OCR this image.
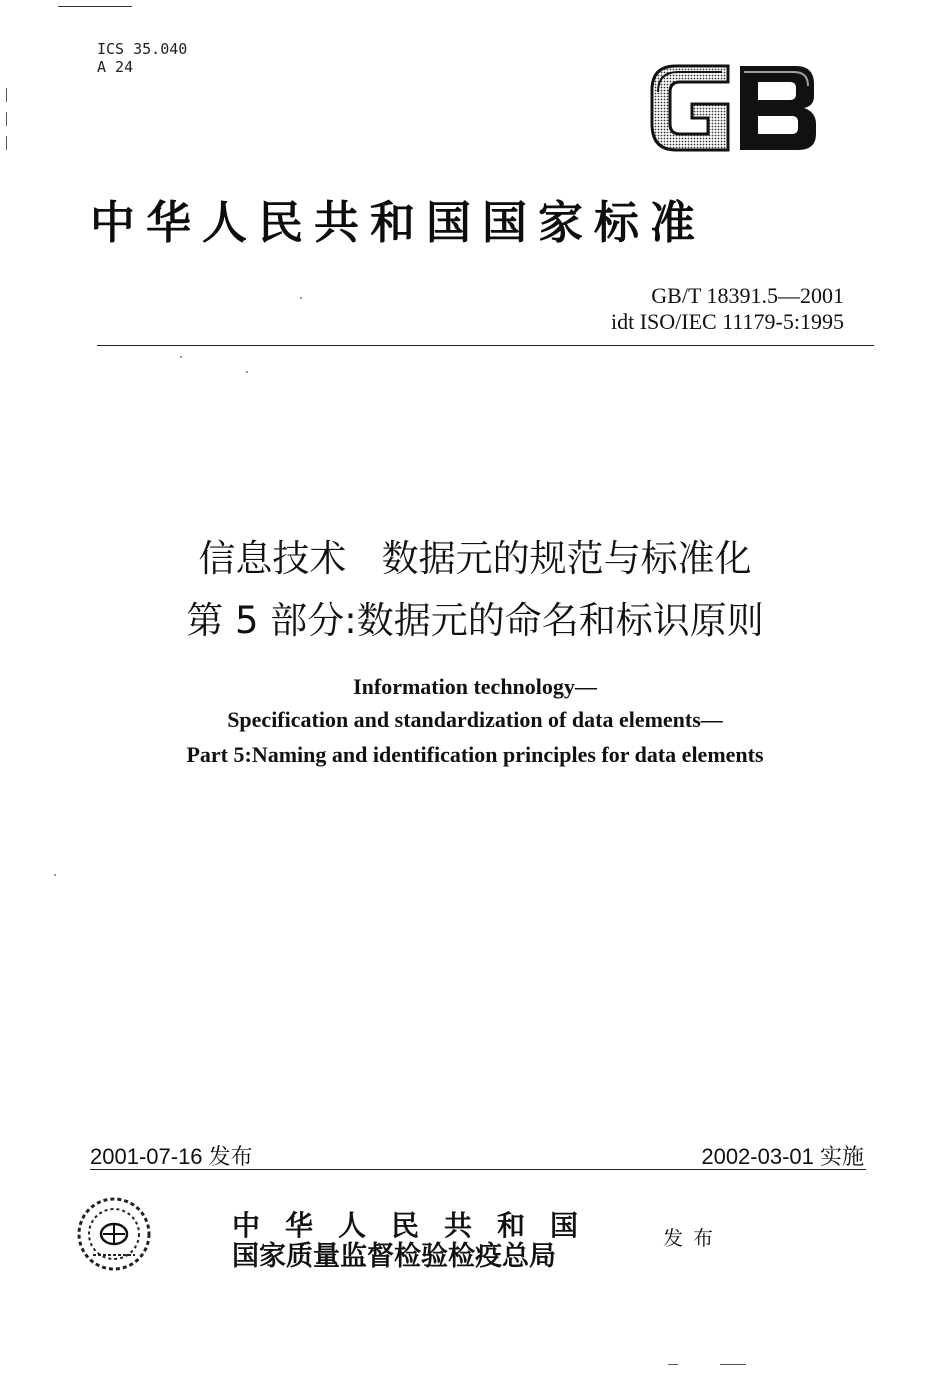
ICS 35.040
A 24
中华人民共和国国家标准
GB/T 18391.5—2001
idt ISO/IEC 11179-5:1995
信息技术   数据元的规范与标准化
第 5 部分:数据元的命名和标识原则
Information technology—
Specification and standardization of data elements—
Part 5:Naming and identification principles for data elements
2001-07-16 发布	2002-03-01 实施
中华人民共和国
国家质量监督检验检疫总局
发布
